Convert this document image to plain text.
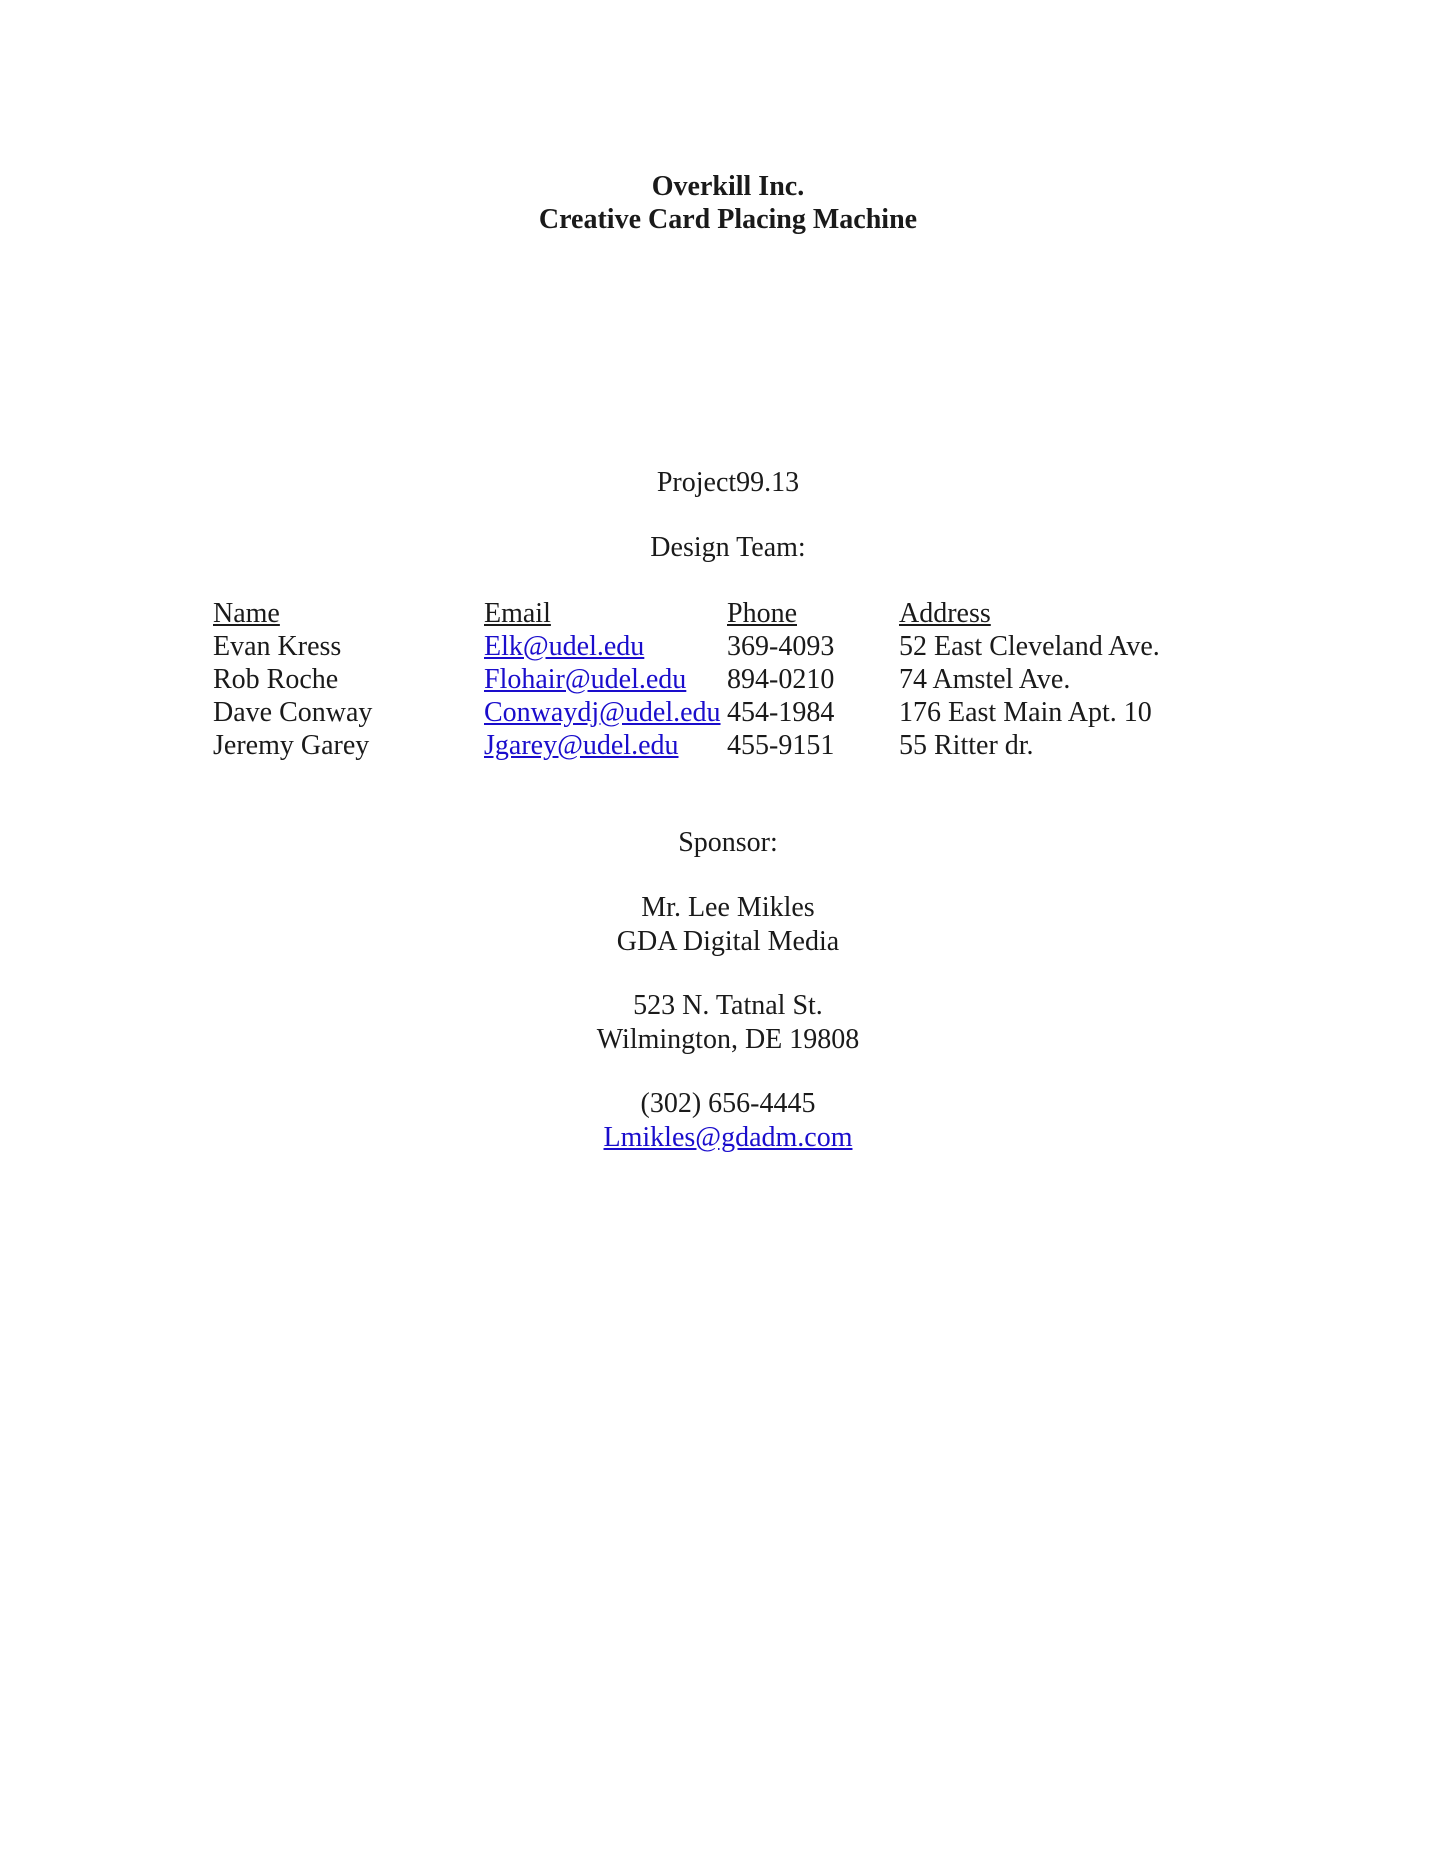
Overkill Inc.
Creative Card Placing Machine
Project99.13
Design Team:
Name	Email	Phone	Address
Evan Kress	Elk@udel.edu	369-4093	52 East Cleveland Ave.
Rob Roche	Flohair@udel.edu	894-0210	74 Amstel Ave.
Dave Conway	Conwaydj@udel.edu	454-1984	176 East Main Apt. 10
Jeremy Garey	Jgarey@udel.edu	455-9151	55 Ritter dr.
Sponsor:
Mr. Lee Mikles
GDA Digital Media
523 N. Tatnal St.
Wilmington, DE 19808
(302) 656-4445
Lmikles@gdadm.com
